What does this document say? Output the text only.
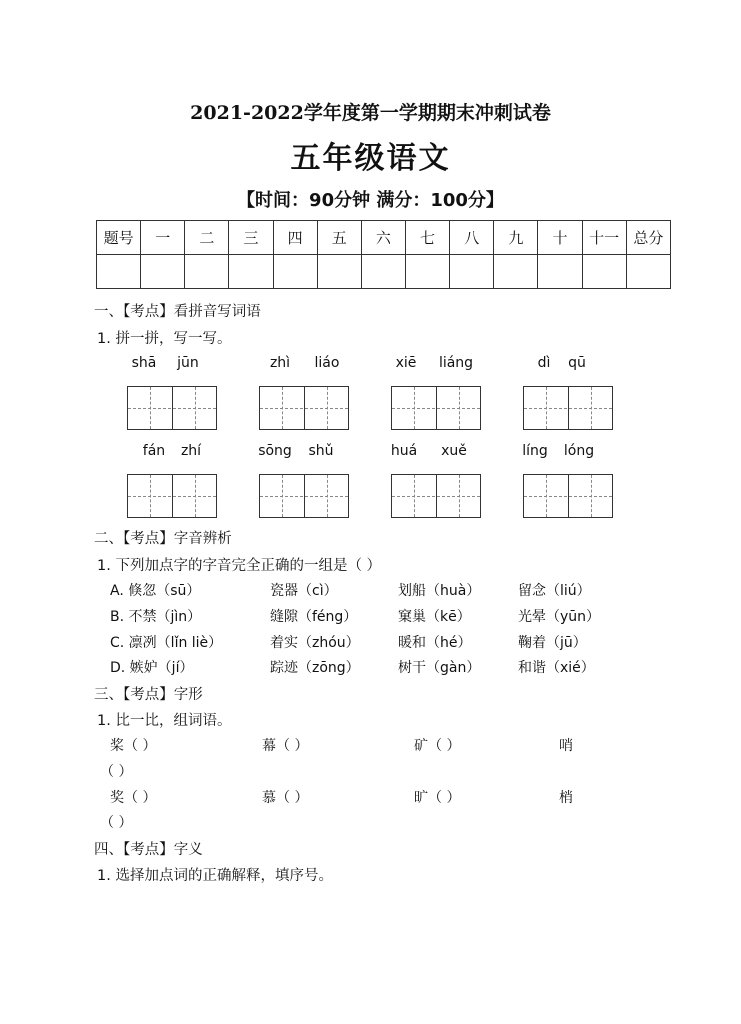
2021-2022学年度第一学期期末冲刺试卷
五年级语文
【时间：90分钟 满分：100分】
题号	一	二	三	四	五	六	七	八	九	十	十一	总分

一、【考点】看拼音写词语
1. 拼一拼，写一写。
shā	jūn	zhì	liáo	xiē	liáng	dì	qū
fán	zhí	sōng	shǔ	huá	xuě	líng	lóng
二、【考点】字音辨析
1. 下列加点字的字音完全正确的一组是（ ）
A. 倏忽（sū）	瓷器（cì）	划船（huà）	留念（liú）
B. 不禁（jìn）	缝隙（féng）	窠巢（kē）	光晕（yūn）
C. 凛冽（lǐn liè）	着实（zhóu）	暖和（hé）	鞠着（jū）
D. 嫉妒（jí）	踪迹（zōng）	树干（gàn）	和谐（xié）
三、【考点】字形
1. 比一比，组词语。
桨（ ）	幕（ ）	矿（ ）	哨
（ ）
奖（ ）	慕（ ）	旷（ ）	梢
（ ）
四、【考点】字义
1. 选择加点词的正确解释，填序号。
